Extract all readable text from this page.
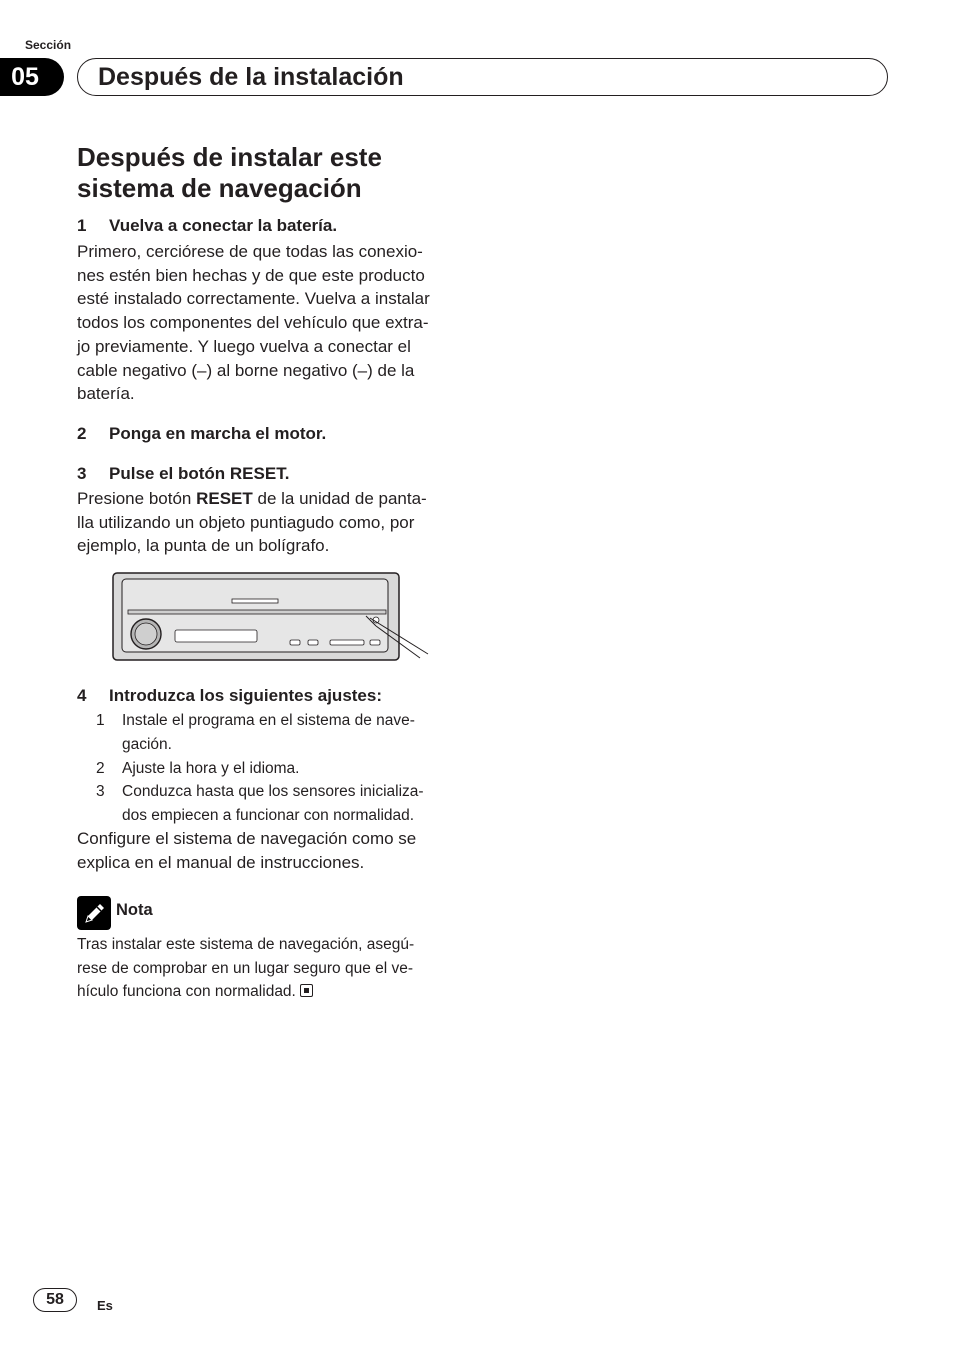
Sección
05	Después de la instalación
Después de instalar este
sistema de navegación
1 Vuelva a conectar la batería.
Primero, cerciórese de que todas las conexio-
nes estén bien hechas y de que este producto
esté instalado correctamente. Vuelva a instalar
todos los componentes del vehículo que extra-
jo previamente. Y luego vuelva a conectar el
cable negativo (–) al borne negativo (–) de la
batería.
2 Ponga en marcha el motor.
3 Pulse el botón RESET.
Presione botón RESET de la unidad de panta-
lla utilizando un objeto puntiagudo como, por
ejemplo, la punta de un bolígrafo.
4 Introduzca los siguientes ajustes:
1	Instale el programa en el sistema de nave-
gación.
2	Ajuste la hora y el idioma.
3	Conduzca hasta que los sensores inicializa-
dos empiecen a funcionar con normalidad.
Configure el sistema de navegación como se
explica en el manual de instrucciones.
Nota
Tras instalar este sistema de navegación, asegú-
rese de comprobar en un lugar seguro que el ve-
hículo funciona con normalidad.
58	Es
